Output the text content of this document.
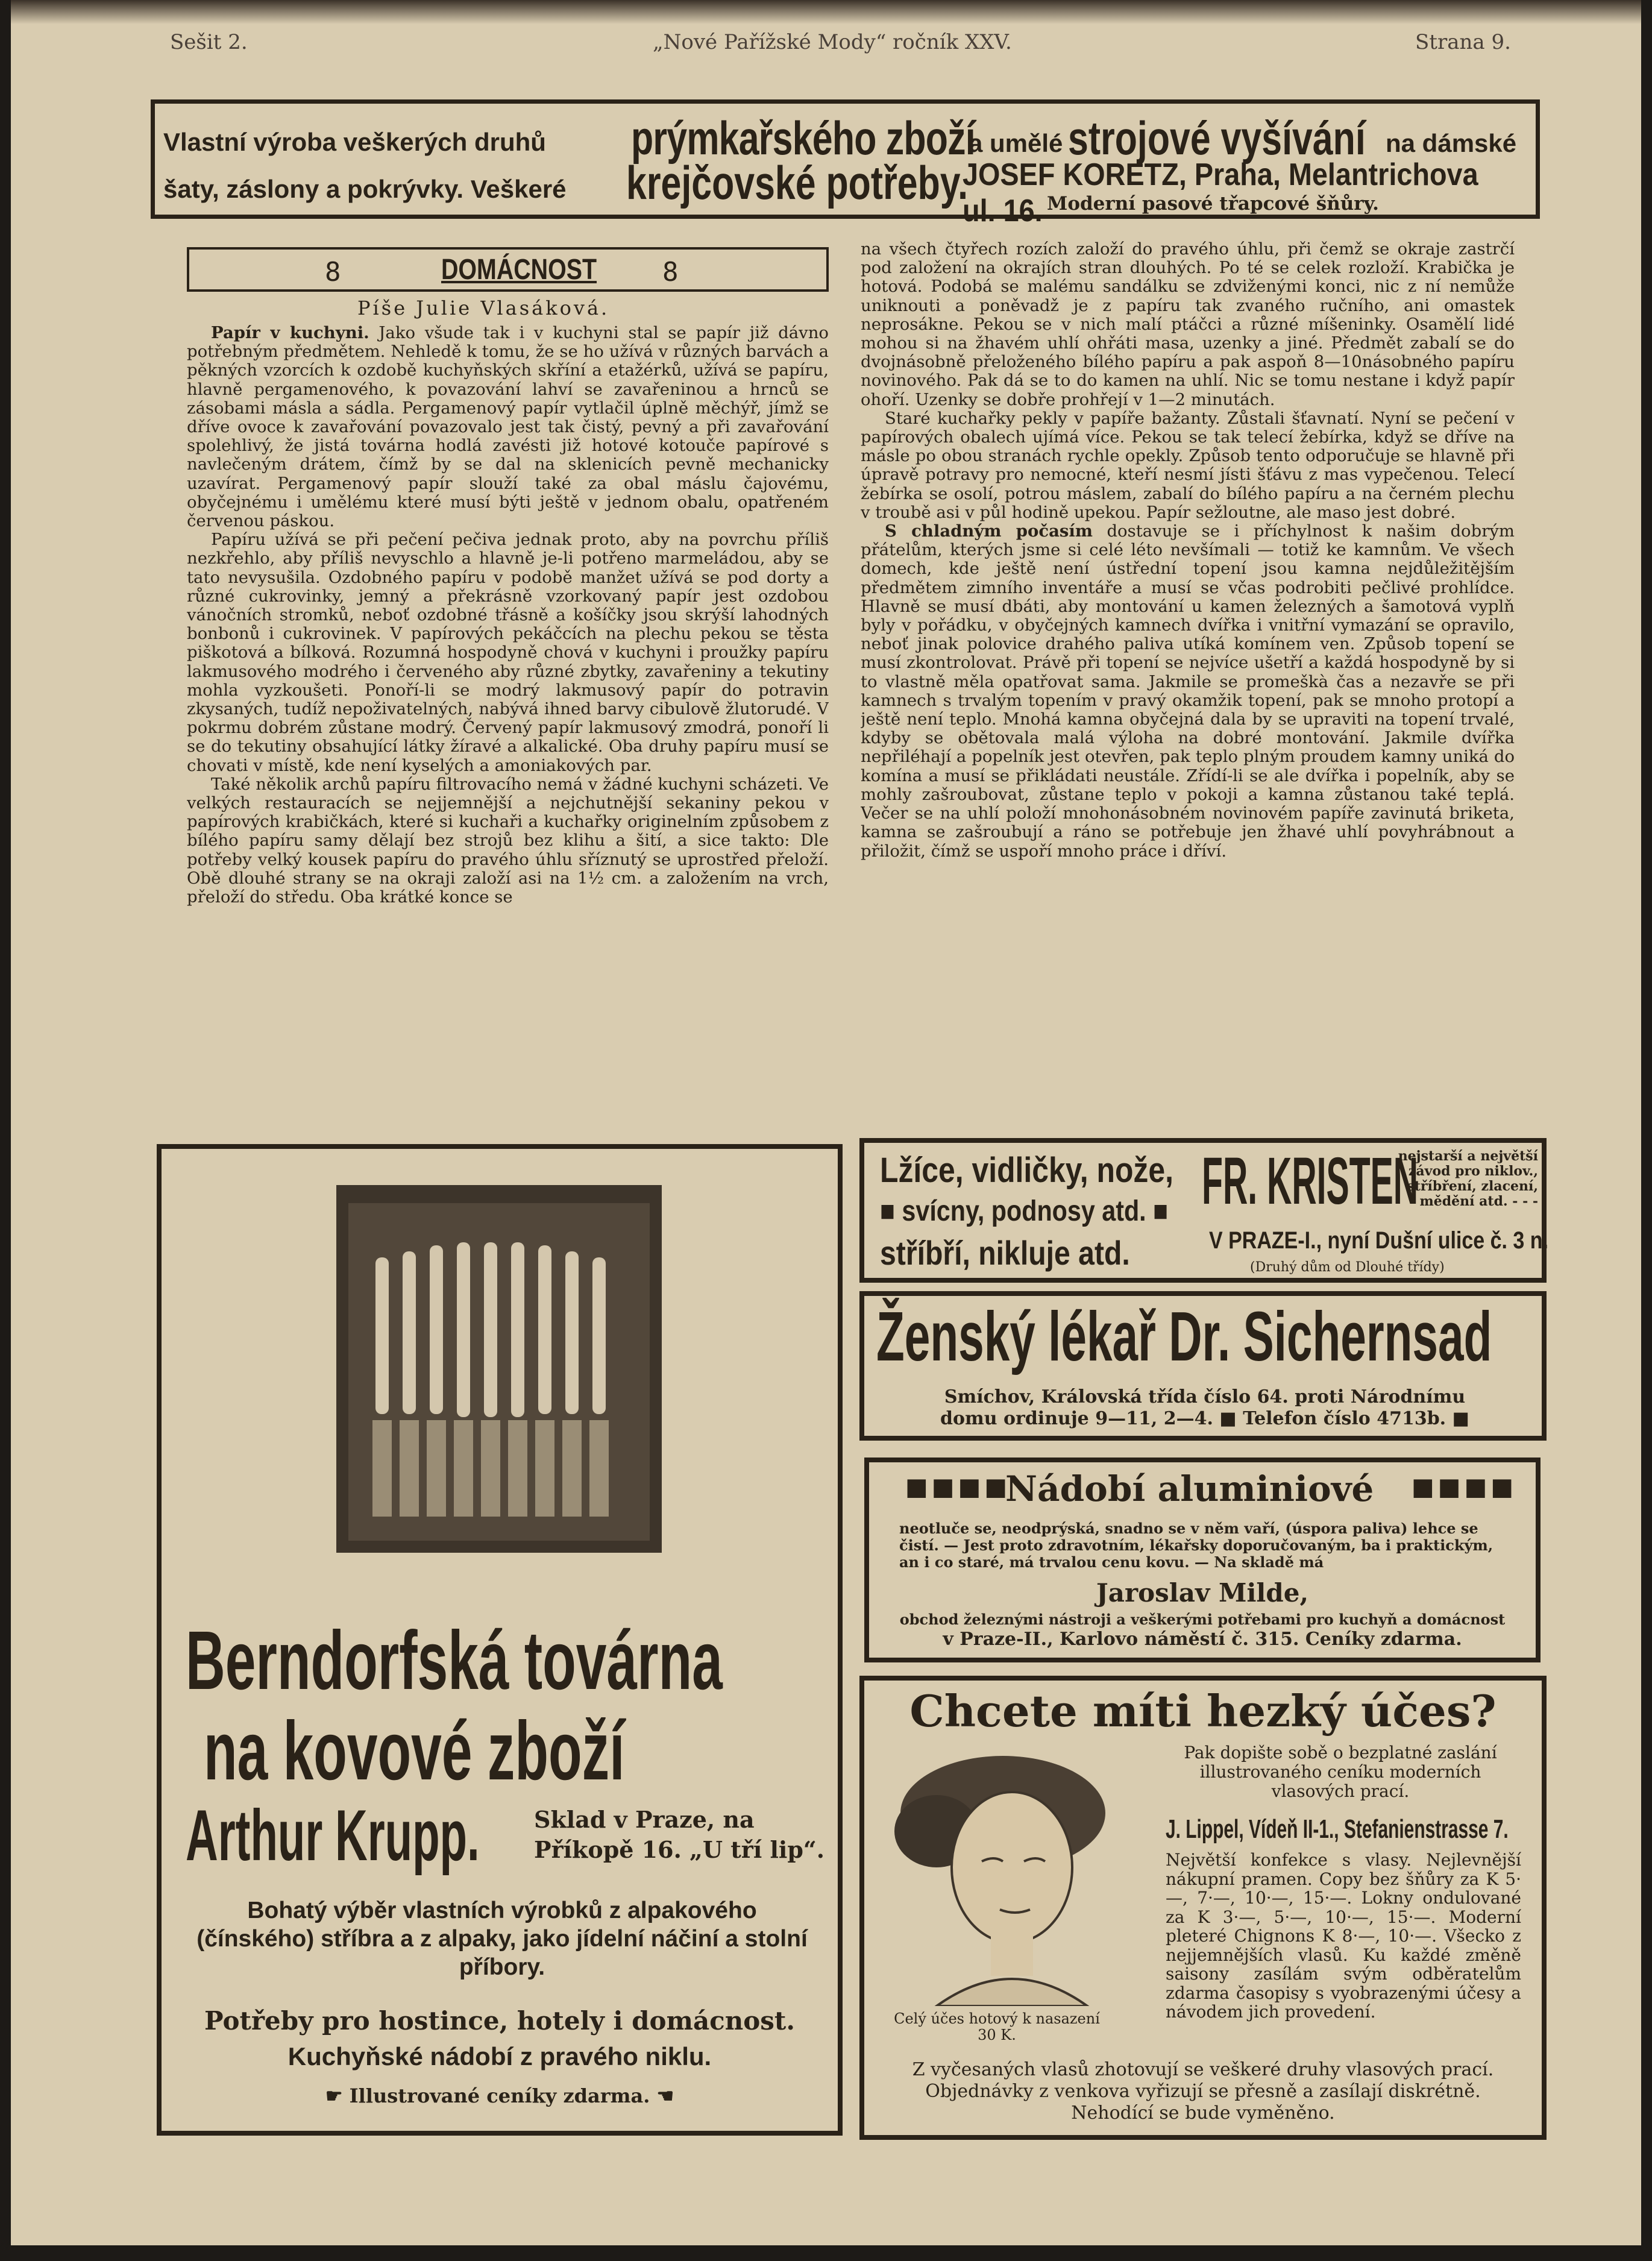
Sešit 2.	„Nové Pařížské Mody“ ročník XXV.	Strana 9.
Vlastní výroba veškerých druhů prýmkařského zboží
a umělé strojové vyšívání na dámské
šaty, záslony a pokrývky. Veškeré krejčovské potřeby.
JOSEF KORETZ, Praha, Melantrichova ul. 16. Moderní pasové třapcové šňůry.
8	DOMÁCNOST 8
Píše Julie Vlasáková.

Papír v kuchyni. Jako všude tak i v kuchyni stal se papír již dávno potřebným předmětem. Nehledě k tomu, že se ho užívá v různých barvách a pěkných vzorcích k ozdobě kuchyňských skříní a etažérků, užívá se papíru, hlavně pergamenového, k povazování lahví se zavařeninou a hrnců se zásobami másla a sádla. Pergamenový papír vytlačil úplně měchýř, jímž se dříve ovoce k zavařování povazovalo jest tak čistý, pevný a při zavařování spolehlivý, že jistá továrna hodlá zavésti již hotové kotouče papírové s navlečeným drátem, čímž by se dal na sklenicích pevně mechanicky uzavírat. Pergamenový papír slouží také za obal máslu čajovému, obyčejnému i umělému které musí býti ještě v jednom obalu, opatřeném červenou páskou.

Papíru užívá se při pečení pečiva jednak proto, aby na povrchu příliš nezkřehlo, aby příliš nevyschlo a hlavně je-li potřeno marmeládou, aby se tato nevysušila. Ozdobného papíru v podobě manžet užívá se pod dorty a různé cukrovinky, jemný a překrásně vzorkovaný papír jest ozdobou vánočních stromků, neboť ozdobné třásně a košíčky jsou skrýší lahodných bonbonů i cukrovinek. V papírových pekáčcích na plechu pekou se těsta piškotová a bílková. Rozumná hospodyně chová v kuchyni i proužky papíru lakmusového modrého i červeného aby různé zbytky, zavařeniny a tekutiny mohla vyzkoušeti. Ponoří-li se modrý lakmusový papír do potravin zkysaných, tudíž nepoživatelných, nabývá ihned barvy cibulově žlutorudé. V pokrmu dobrém zůstane modrý. Červený papír lakmusový zmodrá, ponoří li se do tekutiny obsahující látky žíravé a alkalické. Oba druhy papíru musí se chovati v místě, kde není kyselých a amoniakových par.

Také několik archů papíru filtrovacího nemá v žádné kuchyni scházeti. Ve velkých restauracích se nejjemnější a nejchutnější sekaniny pekou v papírových krabičkách, které si kuchaři a kuchařky originelním způsobem z bílého papíru samy dělají bez strojů bez klihu a šití, a sice takto: Dle potřeby velký kousek papíru do pravého úhlu sříznutý se uprostřed přeloží. Obě dlouhé strany se na okraji založí asi na 1½ cm. a založením na vrch, přeloží do středu. Oba krátké konce se

na všech čtyřech rozích založí do pravého úhlu, při čemž se okraje zastrčí pod založení na okrajích stran dlouhých. Po té se celek rozloží. Krabička je hotová. Podobá se malému sandálku se zdviženými konci, nic z ní nemůže uniknouti a poněvadž je z papíru tak zvaného ručního, ani omastek neprosákne. Pekou se v nich malí ptáčci a různé míšeninky. Osamělí lidé mohou si na žhavém uhlí ohřáti masa, uzenky a jiné. Předmět zabalí se do dvojnásobně přeloženého bílého papíru a pak aspoň 8—10násobného papíru novinového. Pak dá se to do kamen na uhlí. Nic se tomu nestane i když papír ohoří. Uzenky se dobře prohřejí v 1—2 minutách.

Staré kuchařky pekly v papíře bažanty. Zůstali šťavnatí. Nyní se pečení v papírových obalech ujímá více. Pekou se tak telecí žebírka, když se dříve na másle po obou stranách rychle opekly. Způsob tento odporučuje se hlavně při úpravě potravy pro nemocné, kteří nesmí jísti šťávu z mas vypečenou. Telecí žebírka se osolí, potrou máslem, zabalí do bílého papíru a na černém plechu v troubě asi v půl hodině upekou. Papír sežloutne, ale maso jest dobré.

S chladným počasím dostavuje se i příchylnost k našim dobrým přátelům, kterých jsme si celé léto nevšímali — totiž ke kamnům. Ve všech domech, kde ještě není ústřední topení jsou kamna nejdůležitějším předmětem zimního inventáře a musí se včas podrobiti pečlivé prohlídce. Hlavně se musí dbáti, aby montování u kamen železných a šamotová vyplň byly v pořádku, v obyčejných kamnech dvířka i vnitřní vymazání se opravilo, neboť jinak polovice drahého paliva utíká komínem ven. Způsob topení se musí zkontrolovat. Právě při topení se nejvíce ušetří a každá hospodyně by si to vlastně měla opatřovat sama. Jakmile se promeškà čas a nezavře se při kamnech s trvalým topením v pravý okamžik topení, pak se mnoho protopí a ještě není teplo. Mnohá kamna obyčejná dala by se upraviti na topení trvalé, kdyby se obětovala malá výloha na dobré montování. Jakmile dvířka nepřiléhají a popelník jest otevřen, pak teplo plným proudem kamny uniká do komína a musí se přikládati neustále. Zřídí-li se ale dvířka i popelník, aby se mohly zašroubovat, zůstane teplo v pokoji a kamna zůstanou také teplá. Večer se na uhlí položí mnohonásobném novinovém papíře zavinutá briketa, kamna se zašroubují a ráno se potřebuje jen žhavé uhlí povyhrábnout a přiložit, čímž se uspoří mnoho práce i dříví.

Berndorfská továrna
na kovové zboží
Arthur Krupp. Sklad v Praze, na
Příkopě 16. „U tří lip“.
Bohatý výběr vlastních výrobků z alpakového (čínského) stříbra a z alpaky, jako jídelní náčiní a stolní příbory.
Potřeby pro hostince, hotely i domácnost.
Kuchyňské nádobí z pravého niklu.
☛ Illustrované ceníky zdarma. ☚
Lžíce, vidličky, nože,
■ svícny, podnosy atd. ■
stříbří, nikluje atd.
FR. KRISTEN
nejstarší a největší závod pro niklov., stříbření, zlacení, mědění atd. - - -
V PRAZE-I., nyní Dušní ulice č. 3 n.
(Druhý dům od Dlouhé třídy)
Ženský lékař Dr. Sichernsad
Smíchov, Královská třída číslo 64. proti Národnímu
domu ordinuje 9—11, 2—4. ■ Telefon číslo 4713b. ■
■■■■
Nádobí aluminiové ■■■■
neotluče se, neodprýská, snadno se v něm vaří, (úspora paliva) lehce se čistí. — Jest proto zdravotním, lékařsky doporučovaným, ba i praktickým, an i co staré, má trvalou cenu kovu. — Na skladě má
Jaroslav Milde,
obchod železnými nástroji a veškerými potřebami pro kuchyň a domácnost
v Praze-II., Karlovo náměstí č. 315. Ceníky zdarma.
Chcete míti hezký účes?
Celý účes hotový k nasazení 30 K.
Pak dopište sobě o bezplatné zaslání illustrovaného ceníku moderních vlasových prací.
J. Lippel, Vídeň II-1., Stefanienstrasse 7.
Největší konfekce s vlasy. Nejlevnější nákupní pramen. Copy bez šňůry za K 5·—, 7·—, 10·—, 15·—. Lokny ondulované za K 3·—, 5·—, 10·—, 15·—. Moderní pleteré Chignons K 8·—, 10·—. Všecko z nejjemnějších vlasů. Ku každé změně saisony zasílám svým odběratelům zdarma časopisy s vyobrazenými účesy a návodem jich provedení.
Z vyčesaných vlasů zhotovují se veškeré druhy vlasových prací. Objednávky z venkova vyřizují se přesně a zasílají diskrétně. Nehodící se bude vyměněno.
